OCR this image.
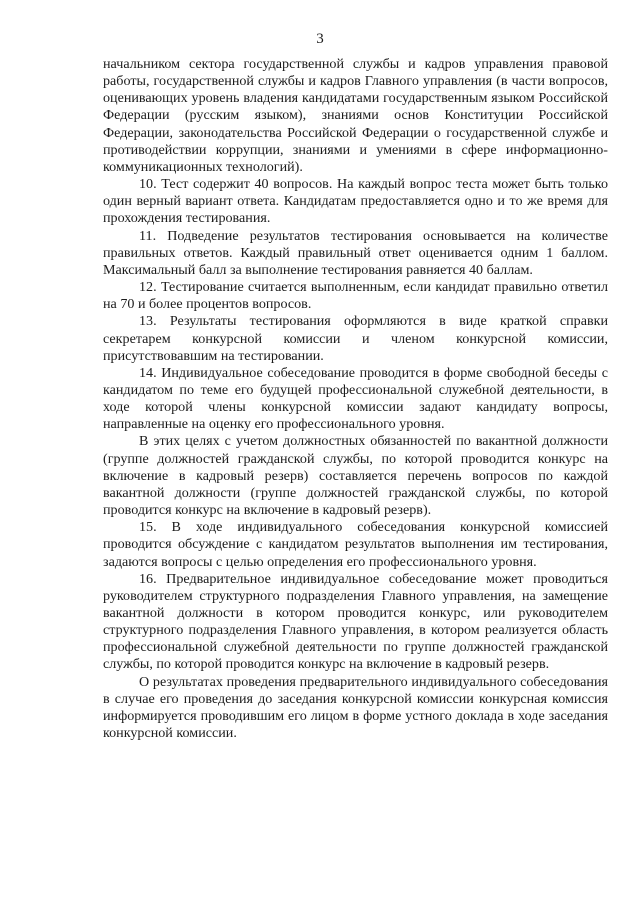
3

начальником сектора государственной службы и кадров управления правовой работы, государственной службы и кадров Главного управления (в части вопросов, оценивающих уровень владения кандидатами государственным языком Российской Федерации (русским языком), знаниями основ Конституции Российской Федерации, законодательства Российской Федерации о государственной службе и противодействии коррупции, знаниями и умениями в сфере информационно-коммуникационных технологий).

10. Тест содержит 40 вопросов. На каждый вопрос теста может быть только один верный вариант ответа. Кандидатам предоставляется одно и то же время для прохождения тестирования.

11. Подведение результатов тестирования основывается на количестве правильных ответов. Каждый правильный ответ оценивается одним 1 баллом. Максимальный балл за выполнение тестирования равняется 40 баллам.

12. Тестирование считается выполненным, если кандидат правильно ответил на 70 и более процентов вопросов.

13. Результаты тестирования оформляются в виде краткой справки секретарем конкурсной комиссии и членом конкурсной комиссии, присутствовавшим на тестировании.

14. Индивидуальное собеседование проводится в форме свободной беседы с кандидатом по теме его будущей профессиональной служебной деятельности, в ходе которой члены конкурсной комиссии задают кандидату вопросы, направленные на оценку его профессионального уровня.

В этих целях с учетом должностных обязанностей по вакантной должности (группе должностей гражданской службы, по которой проводится конкурс на включение в кадровый резерв) составляется перечень вопросов по каждой вакантной должности (группе должностей гражданской службы, по которой проводится конкурс на включение в кадровый резерв).

15. В ходе индивидуального собеседования конкурсной комиссией проводится обсуждение с кандидатом результатов выполнения им тестирования, задаются вопросы с целью определения его профессионального уровня.

16. Предварительное индивидуальное собеседование может проводиться руководителем структурного подразделения Главного управления, на замещение вакантной должности в котором проводится конкурс, или руководителем структурного подразделения Главного управления, в котором реализуется область профессиональной служебной деятельности по группе должностей гражданской службы, по которой проводится конкурс на включение в кадровый резерв.

О результатах проведения предварительного индивидуального собеседования в случае его проведения до заседания конкурсной комиссии конкурсная комиссия информируется проводившим его лицом в форме устного доклада в ходе заседания конкурсной комиссии.
